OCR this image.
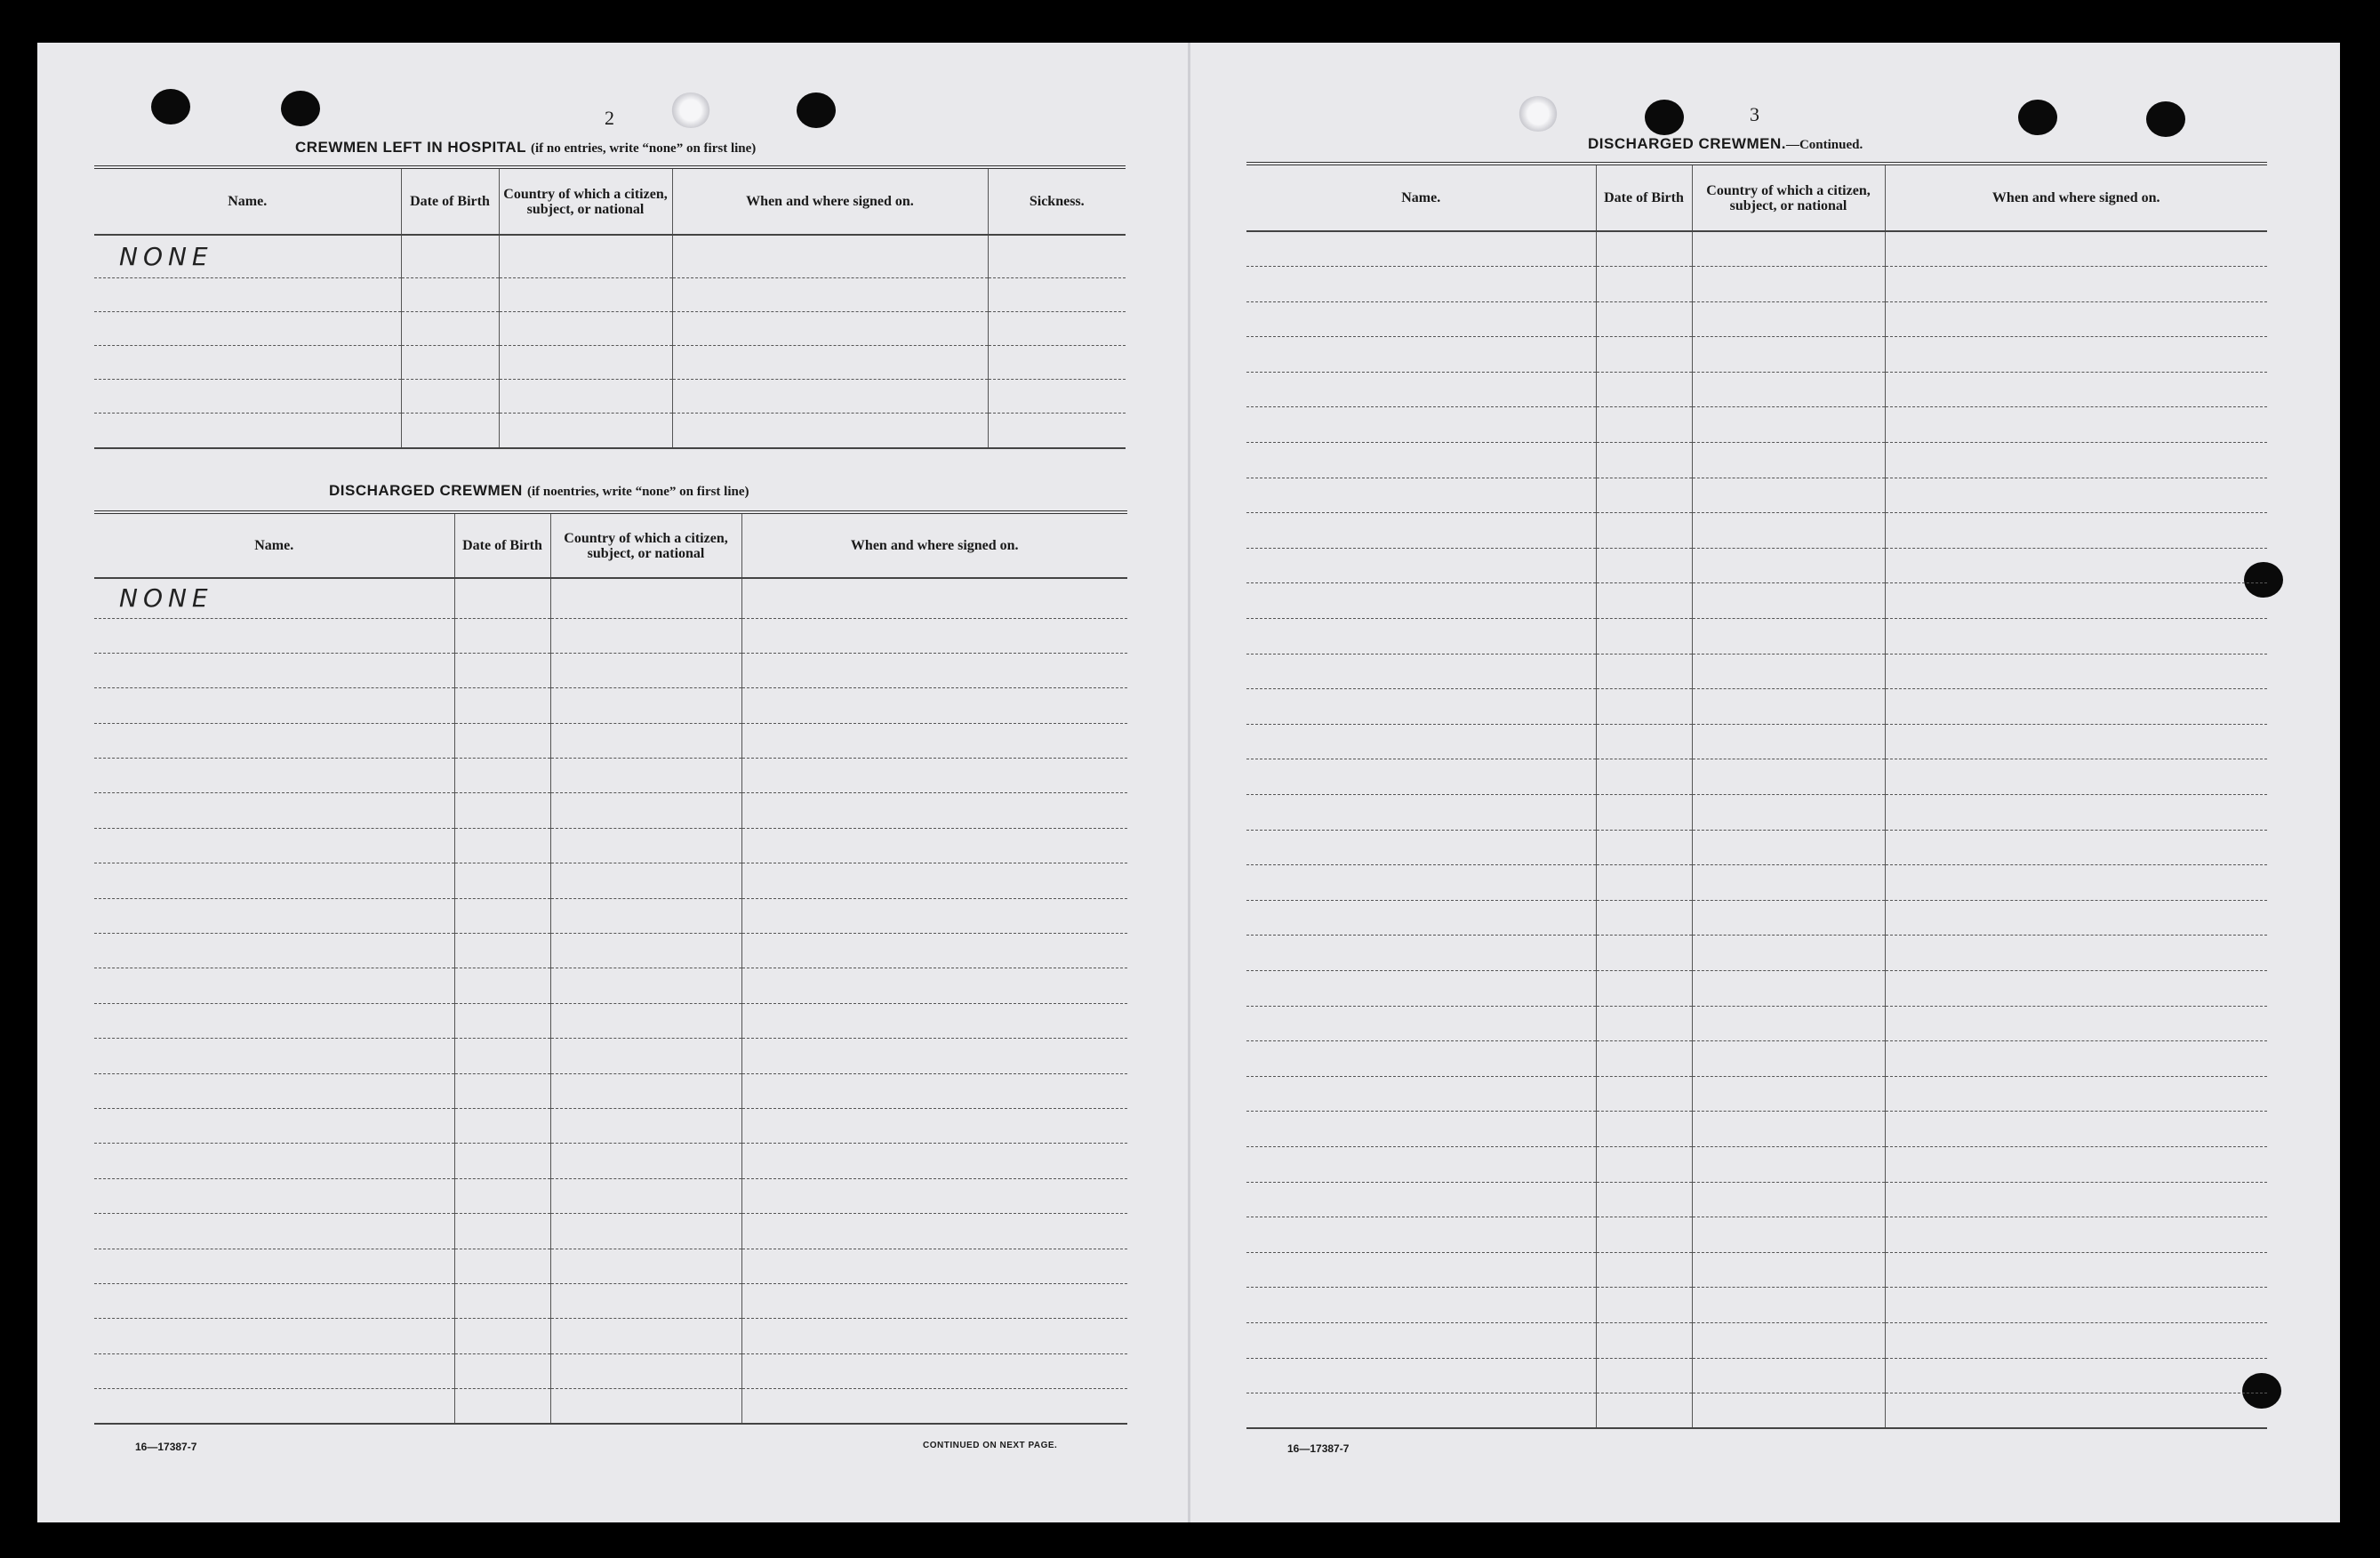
2
CREWMEN LEFT IN HOSPITAL (if no entries, write “none” on first line)
Name.	Date of Birth	Country of which a citizen, subject, or national	When and where signed on.	Sickness.
NONE				

DISCHARGED CREWMEN (if noentries, write “none” on first line)
Name.	Date of Birth	Country of which a citizen, subject, or national	When and where signed on.
NONE			

16—17387-7	CONTINUED ON NEXT PAGE.
3
DISCHARGED CREWMEN.—Continued.
Name.	Date of Birth	Country of which a citizen, subject, or national	When and where signed on.

16—17387-7
